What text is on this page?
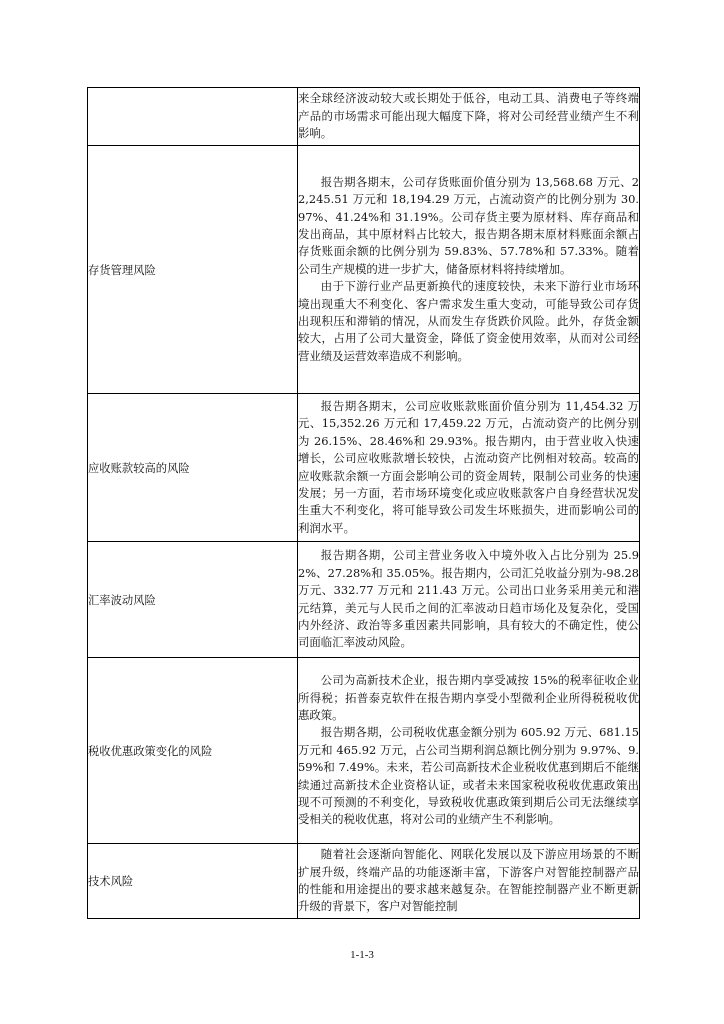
	来全球经济波动较大或长期处于低谷，电动工具、消费电子等终端产品的市场需求可能出现大幅度下降，将对公司经营业绩产生不利影响。

存货管理风险	报告期各期末，公司存货账面价值分别为 13,568.68 万元、22,245.51 万元和 18,194.29 万元，占流动资产的比例分别为 30.97%、41.24%和 31.19%。公司存货主要为原材料、库存商品和发出商品，其中原材料占比较大，报告期各期末原材料账面余额占存货账面余额的比例分别为 59.83%、57.78%和 57.33%。随着公司生产规模的进一步扩大，储备原材料将持续增加。

由于下游行业产品更新换代的速度较快，未来下游行业市场环境出现重大不利变化、客户需求发生重大变动，可能导致公司存货出现积压和滞销的情况，从而发生存货跌价风险。此外，存货金额较大，占用了公司大量资金，降低了资金使用效率，从而对公司经营业绩及运营效率造成不利影响。

应收账款较高的风险	报告期各期末，公司应收账款账面价值分别为 11,454.32 万元、15,352.26 万元和 17,459.22 万元，占流动资产的比例分别为 26.15%、28.46%和 29.93%。报告期内，由于营业收入快速增长，公司应收账款增长较快，占流动资产比例相对较高。较高的应收账款余额一方面会影响公司的资金周转，限制公司业务的快速发展；另一方面，若市场环境变化或应收账款客户自身经营状况发生重大不利变化，将可能导致公司发生坏账损失，进而影响公司的利润水平。

汇率波动风险	报告期各期，公司主营业务收入中境外收入占比分别为 25.92%、27.28%和 35.05%。报告期内，公司汇兑收益分别为-98.28 万元、332.77 万元和 211.43 万元。公司出口业务采用美元和港元结算，美元与人民币之间的汇率波动日趋市场化及复杂化，受国内外经济、政治等多重因素共同影响，具有较大的不确定性，使公司面临汇率波动风险。

税收优惠政策变化的风险	公司为高新技术企业，报告期内享受减按 15%的税率征收企业所得税；拓普泰克软件在报告期内享受小型微利企业所得税税收优惠政策。

报告期各期，公司税收优惠金额分别为 605.92 万元、681.15 万元和 465.92 万元，占公司当期利润总额比例分别为 9.97%、9.59%和 7.49%。未来，若公司高新技术企业税收优惠到期后不能继续通过高新技术企业资格认证，或者未来国家税收税收优惠政策出现不可预测的不利变化，导致税收优惠政策到期后公司无法继续享受相关的税收优惠，将对公司的业绩产生不利影响。

技术风险	随着社会逐渐向智能化、网联化发展以及下游应用场景的不断扩展升级，终端产品的功能逐渐丰富，下游客户对智能控制器产品的性能和用途提出的要求越来越复杂。在智能控制器产业不断更新升级的背景下，客户对智能控制

1-1-3
